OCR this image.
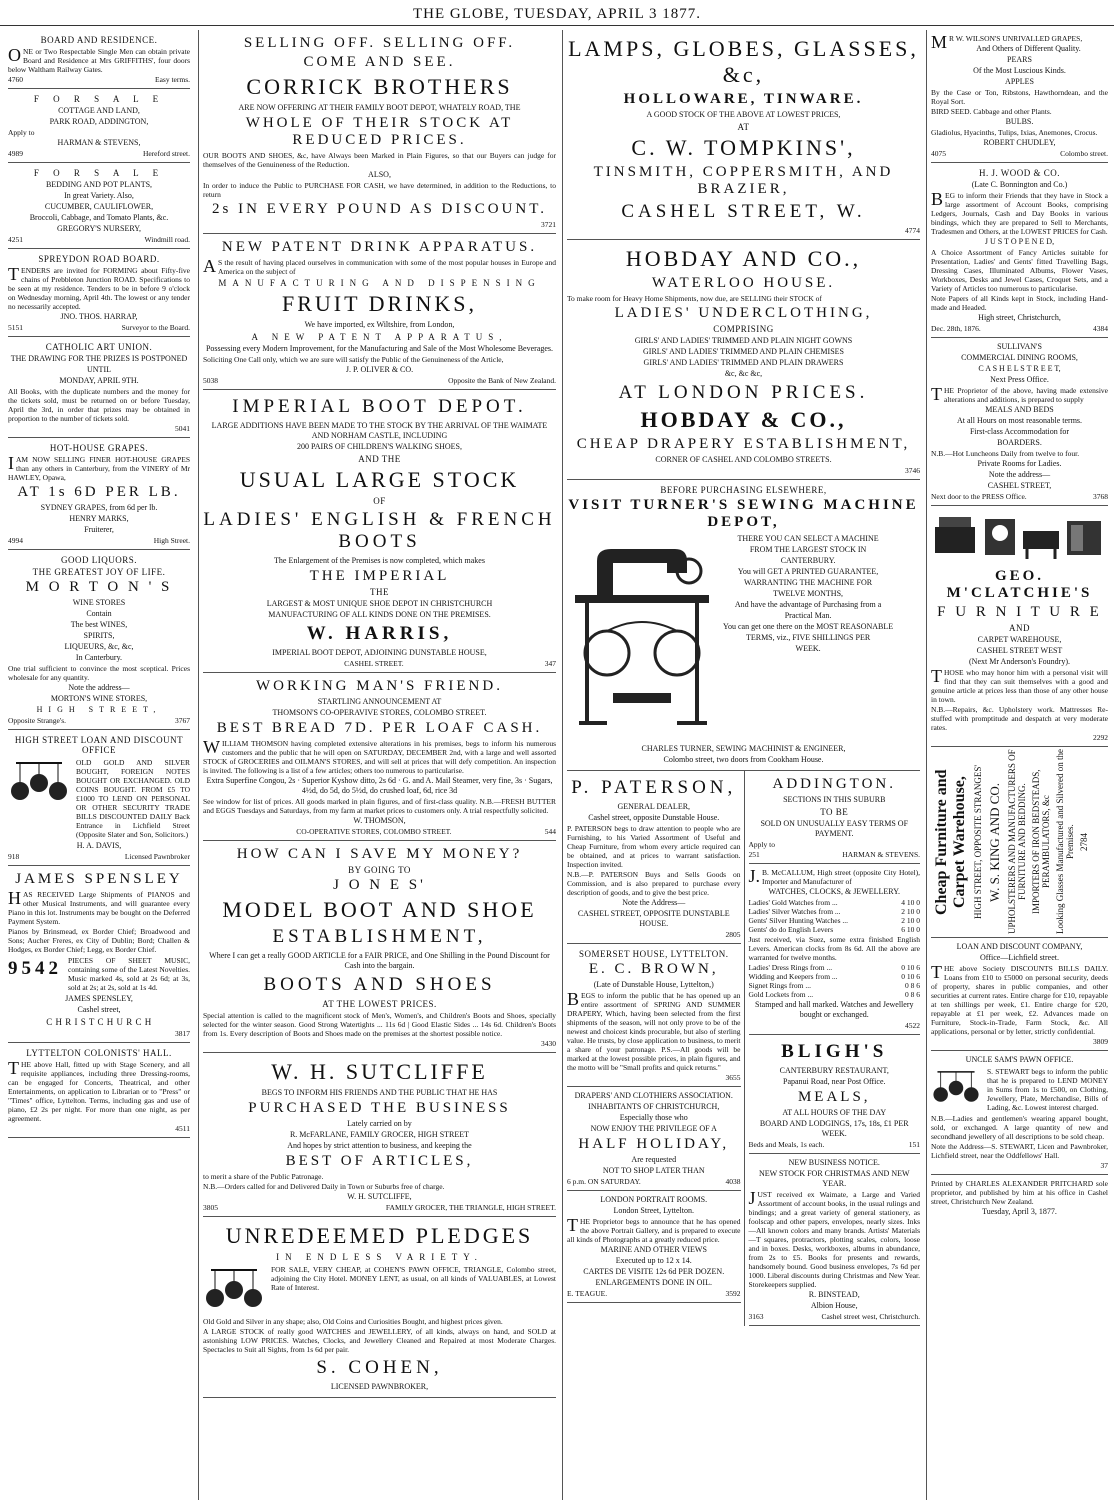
THE GLOBE, TUESDAY, APRIL 3 1877.
BOARD AND RESIDENCE.
ONE or Two Respectable Single Men can obtain private Board and Residence at Mrs GRIFFITHS', four doors below Waltham Railway Gates.
4760	Easy terms.
F O R S A L E
COTTAGE AND LAND,
PARK ROAD, ADDINGTON,
Apply to
HARMAN & STEVENS,
4989	Hereford street.
F O R S A L E
BEDDING AND POT PLANTS,
In great Variety. Also,
CUCUMBER, CAULIFLOWER,
Broccoli, Cabbage, and Tomato Plants, &c.
GREGORY'S NURSERY,
4251	Windmill road.
SPREYDON ROAD BOARD.
TENDERS are invited for FORMING about Fifty-five chains of Prebbleton Junction ROAD. Specifications to be seen at my residence. Tenders to be in before 9 o'clock on Wednesday morning, April 4th. The lowest or any tender no necessarily accepted.
JNO. THOS. HARRAP,
5151	Surveyor to the Board.
CATHOLIC ART UNION.
THE DRAWING FOR THE PRIZES IS POSTPONED
UNTIL
MONDAY, APRIL 9TH.
All Books, with the duplicate numbers and the money for the tickets sold, must be returned on or before Tuesday, April the 3rd, in order that prizes may be obtained in proportion to the number of tickets sold.
5041
HOT-HOUSE GRAPES.
IAM NOW SELLING FINER HOT-HOUSE GRAPES than any others in Canterbury, from the VINERY of Mr HAWLEY, Opawa,
AT 1s 6D PER LB.
SYDNEY GRAPES, from 6d per lb.
HENRY MARKS,
Fruiterer,
4994	High Street.
GOOD LIQUORS.
THE GREATEST JOY OF LIFE.
M O R T O N ' S
WINE STORES
Contain
The best WINES,
SPIRITS,
LIQUEURS, &c, &c,
In Canterbury.
One trial sufficient to convince the most sceptical. Prices wholesale for any quantity.
Note the address—
MORTON'S WINE STORES,
HIGH STREET,
Opposite Strange's.	3767
HIGH STREET LOAN AND DISCOUNT OFFICE
OLD GOLD AND SILVER BOUGHT, FOREIGN NOTES BOUGHT OR EXCHANGED. OLD COINS BOUGHT. FROM £5 TO £1000 TO LEND ON PERSONAL OR OTHER SECURITY TRADE BILLS DISCOUNTED DAILY Back Entrance in Lichfield Street (Opposite Slater and Son, Solicitors.)
H. A. DAVIS,
918	Licensed Pawnbroker
JAMES SPENSLEY
HAS RECEIVED Large Shipments of PIANOS and other Musical Instruments, and will guarantee every Piano in this lot. Instruments may be bought on the Deferred Payment System.
Pianos by Brinsmead, ex Border Chief; Broadwood and Sons; Aucher Freres, ex City of Dublin; Bord; Challen & Hodges, ex Border Chief; Legg, ex Border Chief.
9542 PIECES OF SHEET MUSIC, containing some of the Latest Novelties. Music marked 4s, sold at 2s 6d; at 3s, sold at 2s; at 2s, sold at 1s 4d.
JAMES SPENSLEY,
Cashel street,
C H R I S T C H U R C H
3817
LYTTELTON COLONISTS' HALL.
THE above Hall, fitted up with Stage Scenery, and all requisite appliances, including three Dressing-rooms, can be engaged for Concerts, Theatrical, and other Entertainments, on application to Librarian or to "Press" or "Times" office, Lyttelton. Terms, including gas and use of piano, £2 2s per night. For more than one night, as per agreement.
4511
SELLING OFF. SELLING OFF.
COME AND SEE.
CORRICK BROTHERS
ARE NOW OFFERING AT THEIR FAMILY BOOT DEPOT, WHATELY ROAD, THE
WHOLE OF THEIR STOCK AT REDUCED PRICES.
OUR BOOTS AND SHOES, &c, have Always been Marked in Plain Figures, so that our Buyers can judge for themselves of the Genuineness of the Reduction.
ALSO,
In order to induce the Public to PURCHASE FOR CASH, we have determined, in addition to the Reductions, to return
2s IN EVERY POUND AS DISCOUNT.
3721
NEW PATENT DRINK APPARATUS.
AS the result of having placed ourselves in communication with some of the most popular houses in Europe and America on the subject of
MANUFACTURING AND DISPENSING
FRUIT DRINKS,
We have imported, ex Wiltshire, from London,
A NEW PATENT APPARATUS,
Possessing every Modern Improvement, for the Manufacturing and Sale of the Most Wholesome Beverages.
Soliciting One Call only, which we are sure will satisfy the Public of the Genuineness of the Article,
J. P. OLIVER & CO.
5038	Opposite the Bank of New Zealand.
IMPERIAL BOOT DEPOT.
LARGE ADDITIONS HAVE BEEN MADE TO THE STOCK BY THE ARRIVAL OF THE WAIMATE AND NORHAM CASTLE, INCLUDING
200 PAIRS OF CHILDREN'S WALKING SHOES,
AND THE
USUAL LARGE STOCK
OF
LADIES' ENGLISH & FRENCH BOOTS
The Enlargement of the Premises is now completed, which makes
THE IMPERIAL
THE
LARGEST & MOST UNIQUE SHOE DEPOT IN CHRISTCHURCH
MANUFACTURING OF ALL KINDS DONE ON THE PREMISES.
W. HARRIS,
IMPERIAL BOOT DEPOT, ADJOINING DUNSTABLE HOUSE,
CASHEL STREET.	347
WORKING MAN'S FRIEND.
STARTLING ANNOUNCEMENT AT
THOMSON'S CO-OPERAVIVE STORES, COLOMBO STREET.
BEST BREAD 7D. PER LOAF CASH.
WILLIAM THOMSON having completed extensive alterations in his premises, begs to inform his numerous customers and the public that he will open on SATURDAY, DECEMBER 2nd, with a large and well assorted STOCK of GROCERIES and OILMAN'S STORES, and will sell at prices that will defy competition. An inspection is invited. The following is a list of a few articles; others too numerous to particularise.
Extra Superfine Congou, 2s · Superior Kyshow ditto, 2s 6d · G. and A. Mail Steamer, very fine, 3s · Sugars, 4½d, do 5d, do 5½d, do crushed loaf, 6d, rice 3d
See window for list of prices. All goods marked in plain figures, and of first-class quality. N.B.—FRESH BUTTER and EGGS Tuesdays and Saturdays, from my farm at market prices to customers only. A trial respectfully solicited.
W. THOMSON,
CO-OPERATIVE STORES, COLOMBO STREET.	544
HOW CAN I SAVE MY MONEY?
BY GOING TO
J O N E S'
MODEL BOOT AND SHOE
ESTABLISHMENT,
Where I can get a really GOOD ARTICLE for a FAIR PRICE, and One Shilling in the Pound Discount for Cash into the bargain.
BOOTS AND SHOES
AT THE LOWEST PRICES.
Special attention is called to the magnificent stock of Men's, Women's, and Children's Boots and Shoes, specially selected for the winter season. Good Strong Watertights ... 11s 6d | Good Elastic Sides ... 14s 6d. Children's Boots from 1s. Every description of Boots and Shoes made on the premises at the shortest possible notice.
3430
W. H. SUTCLIFFE
BEGS TO INFORM HIS FRIENDS AND THE PUBLIC THAT HE HAS
PURCHASED THE BUSINESS
Lately carried on by
R. McFARLANE, FAMILY GROCER, HIGH STREET
And hopes by strict attention to business, and keeping the
BEST OF ARTICLES,
to merit a share of the Public Patronage.
N.B.—Orders called for and Delivered Daily in Town or Suburbs free of charge.
W. H. SUTCLIFFE,
3805	FAMILY GROCER, THE TRIANGLE, HIGH STREET.
UNREDEEMED PLEDGES
IN ENDLESS VARIETY.
FOR SALE, VERY CHEAP, at COHEN'S PAWN OFFICE, TRIANGLE, Colombo street, adjoining the City Hotel. MONEY LENT, as usual, on all kinds of VALUABLES, at Lowest Rate of Interest.
Old Gold and Silver in any shape; also, Old Coins and Curiosities Bought, and highest prices given.
A LARGE STOCK of really good WATCHES and JEWELLERY, of all kinds, always on hand, and SOLD at astonishing LOW PRICES. Watches, Clocks, and Jewellery Cleaned and Repaired at most Moderate Charges. Spectacles to Suit all Sights, from 1s 6d per pair.
S. COHEN,
LICENSED PAWNBROKER,
LAMPS, GLOBES, GLASSES, &c,
HOLLOWARE, TINWARE.
A GOOD STOCK OF THE ABOVE AT LOWEST PRICES,
AT
C. W. TOMPKINS',
TINSMITH, COPPERSMITH, AND BRAZIER,
CASHEL STREET, W.
4774
HOBDAY AND CO.,
WATERLOO HOUSE.
To make room for Heavy Home Shipments, now due, are SELLING their STOCK of
LADIES' UNDERCLOTHING,
COMPRISING
GIRLS' AND LADIES' TRIMMED AND PLAIN NIGHT GOWNS
GIRLS' AND LADIES' TRIMMED AND PLAIN CHEMISES
GIRLS' AND LADIES' TRIMMED AND PLAIN DRAWERS
&c, &c &c,
AT LONDON PRICES.
HOBDAY & CO.,
CHEAP DRAPERY ESTABLISHMENT,
CORNER OF CASHEL AND COLOMBO STREETS.
3746
BEFORE PURCHASING ELSEWHERE,
VISIT TURNER'S SEWING MACHINE DEPOT,
THERE YOU CAN SELECT A MACHINE
FROM THE LARGEST STOCK IN
CANTERBURY.
You will GET A PRINTED GUARANTEE,
WARRANTING THE MACHINE FOR
TWELVE MONTHS,
And have the advantage of Purchasing from a
Practical Man.
You can get one there on the MOST REASONABLE
TERMS, viz., FIVE SHILLINGS PER
WEEK.
CHARLES TURNER, SEWING MACHINIST & ENGINEER,
Colombo street, two doors from Cookham House.
P. PATERSON,
GENERAL DEALER,
Cashel street, opposite Dunstable House.
P. PATERSON begs to draw attention to people who are Furnishing, to his Varied Assortment of Useful and Cheap Furniture, from whom every article required can be obtained, and at prices to warrant satisfaction. Inspection invited.
N.B.—P. PATERSON Buys and Sells Goods on Commission, and is also prepared to purchase every description of goods, and to give the best price.
Note the Address—
CASHEL STREET, OPPOSITE DUNSTABLE HOUSE.
2805
SOMERSET HOUSE, LYTTELTON.
E. C. BROWN,
(Late of Dunstable House, Lyttelton,)
BEGS to inform the public that he has opened up an entire assortment of SPRING AND SUMMER DRAPERY, Which, having been selected from the first shipments of the season, will not only prove to be of the newest and choicest kinds procurable, but also of sterling value. He trusts, by close application to business, to merit a share of your patronage. P.S.—All goods will be marked at the lowest possible prices, in plain figures, and the motto will be "Small profits and quick returns."
3655
DRAPERS' AND CLOTHIERS ASSOCIATION.
INHABITANTS OF CHRISTCHURCH,
Especially those who
NOW ENJOY THE PRIVILEGE OF A
HALF HOLIDAY,
Are requested
NOT TO SHOP LATER THAN
6 p.m. ON SATURDAY.	4038
LONDON PORTRAIT ROOMS.
London Street, Lyttelton.
THE Proprietor begs to announce that he has opened the above Portrait Gallery, and is prepared to execute all kinds of Photographs at a greatly reduced price.
MARINE AND OTHER VIEWS
Executed up to 12 x 14.
CARTES DE VISITE 12s 6d PER DOZEN.
ENLARGEMENTS DONE IN OIL.
E. TEAGUE.	3592
ADDINGTON.
SECTIONS IN THIS SUBURB
TO BE
SOLD ON UNUSUALLY EASY TERMS OF PAYMENT.
Apply to
251	HARMAN & STEVENS.
J.B. McCALLUM, High street (opposite City Hotel), Importer and Manufacturer of
WATCHES, CLOCKS, & JEWELLERY.
Ladies' Gold Watches from ...	4 10 0
Ladies' Silver Watches from ...	2 10 0
Gents' Silver Hunting Watches ...	2 10 0
Gents' do do English Levers	6 10 0
Just received, via Suez, some extra finished English Levers. American clocks from 8s 6d. All the above are warranted for twelve months.
Ladies' Dress Rings from ...	0 10 6
Widding and Keepers from ...	0 10 6
Signet Rings from ...	0 8 6
Gold Lockets from ...	0 8 6
Stamped and hall marked. Watches and Jewellery bought or exchanged.
4522
BLIGH'S
CANTERBURY RESTAURANT,
Papanui Road, near Post Office.
MEALS,
AT ALL HOURS OF THE DAY
BOARD AND LODGINGS, 17s, 18s, £1 PER WEEK.
Beds and Meals, 1s each.	151
NEW BUSINESS NOTICE.
NEW STOCK FOR CHRISTMAS AND NEW YEAR.
JUST received ex Waimate, a Large and Varied Assortment of account books, in the usual rulings and bindings; and a great variety of general stationery, as foolscap and other papers, envelopes, nearly sizes. Inks—All known colors and many brands. Artists' Materials—T squares, protractors, plotting scales, colors, loose and in boxes. Desks, workboxes, albums in abundance, from 2s to £5. Books for presents and rewards, handsomely bound. Good business envelopes, 7s 6d per 1000. Liberal discounts during Christmas and New Year. Storekeepers supplied.
R. BINSTEAD,
Albion House,
3163	Cashel street west, Christchurch.
MR W. WILSON'S UNRIVALLED GRAPES,
And Others of Different Quality.
PEARS
Of the Most Luscious Kinds.
APPLES
By the Case or Ton, Ribstons, Hawthorndean, and the Royal Sort.
BIRD SEED. Cabbage and other Plants.
BULBS.
Gladiolus, Hyacinths, Tulips, Ixias, Anemones, Crocus.
ROBERT CHUDLEY,
4075	Colombo street.
H. J. WOOD & CO.
(Late C. Bonnington and Co.)
BEG to inform their Friends that they have in Stock a large assortment of Account Books, comprising Ledgers, Journals, Cash and Day Books in various bindings, which they are prepared to Sell to Merchants, Tradesmen and Others, at the LOWEST PRICES for Cash.
J U S T O P E N E D,
A Choice Assortment of Fancy Articles suitable for Presentation, Ladies' and Gents' fitted Travelling Bags, Dressing Cases, Illuminated Albums, Flower Vases, Workboxes, Desks and Jewel Cases, Croquet Sets, and a Variety of Articles too numerous to particularise.
Note Papers of all Kinds kept in Stock, including Hand-made and Headed.
High street, Christchurch,
Dec. 28th, 1876.	4384
SULLIVAN'S
COMMERCIAL DINING ROOMS,
C A S H E L S T R E E T,
Next Press Office.
THE Proprietor of the above, having made extensive alterations and additions, is prepared to supply
MEALS AND BEDS
At all Hours on most reasonable terms.
First-class Accommodation for
BOARDERS.
N.B.—Hot Luncheons Daily from twelve to four.
Private Rooms for Ladies.
Note the address—
CASHEL STREET,
Next door to the PRESS Office.	3768
GEO. M'CLATCHIE'S
F U R N I T U R E
AND
CARPET WAREHOUSE,
CASHEL STREET WEST
(Next Mr Anderson's Foundry).
THOSE who may honor him with a personal visit will find that they can suit themselves with a good and genuine article at prices less than those of any other house in town.
N.B.—Repairs, &c. Upholstery work. Mattresses Re-stuffed with promptitude and despatch at very moderate rates.
2292
Cheap Furniture and Carpet Warehouse, HIGH STREET, OPPOSITE STRANGES' W. S. KING AND CO. UPHOLSTERERS AND MANUFACTURERS OF FURNITURE AND BEDDING. IMPORTERS OF IRON BEDSTEADS, PERAMBULATORS, &c Looking Glasses Manufactured and Silvered on the Premises. 2784
LOAN AND DISCOUNT COMPANY,
Office—Lichfield street.
THE above Society DISCOUNTS BILLS DAILY. Loans from £10 to £5000 on personal security, deeds of property, shares in public companies, and other securities at current rates. Entire charge for £10, repayable at ten shillings per week, £1. Entire charge for £20, repayable at £1 per week, £2. Advances made on Furniture, Stock-in-Trade, Farm Stock, &c. All applications, personal or by letter, strictly confidential.
3809
UNCLE SAM'S PAWN OFFICE.
S. STEWART begs to inform the public that he is prepared to LEND MONEY in Sums from 1s to £500, on Clothing, Jewellery, Plate, Merchandise, Bills of Lading, &c. Lowest interest charged.
N.B.—Ladies and gentlemen's wearing apparel bought, sold, or exchanged. A large quantity of new and secondhand jewellery of all descriptions to be sold cheap.
Note the Address—S. STEWART, Licen and Pawnbroker, Lichfield street, near the Oddfellows' Hall.
37
Printed by CHARLES ALEXANDER PRITCHARD sole proprietor, and published by him at his office in Cashel street, Christchurch New Zealand.
Tuesday, April 3, 1877.
